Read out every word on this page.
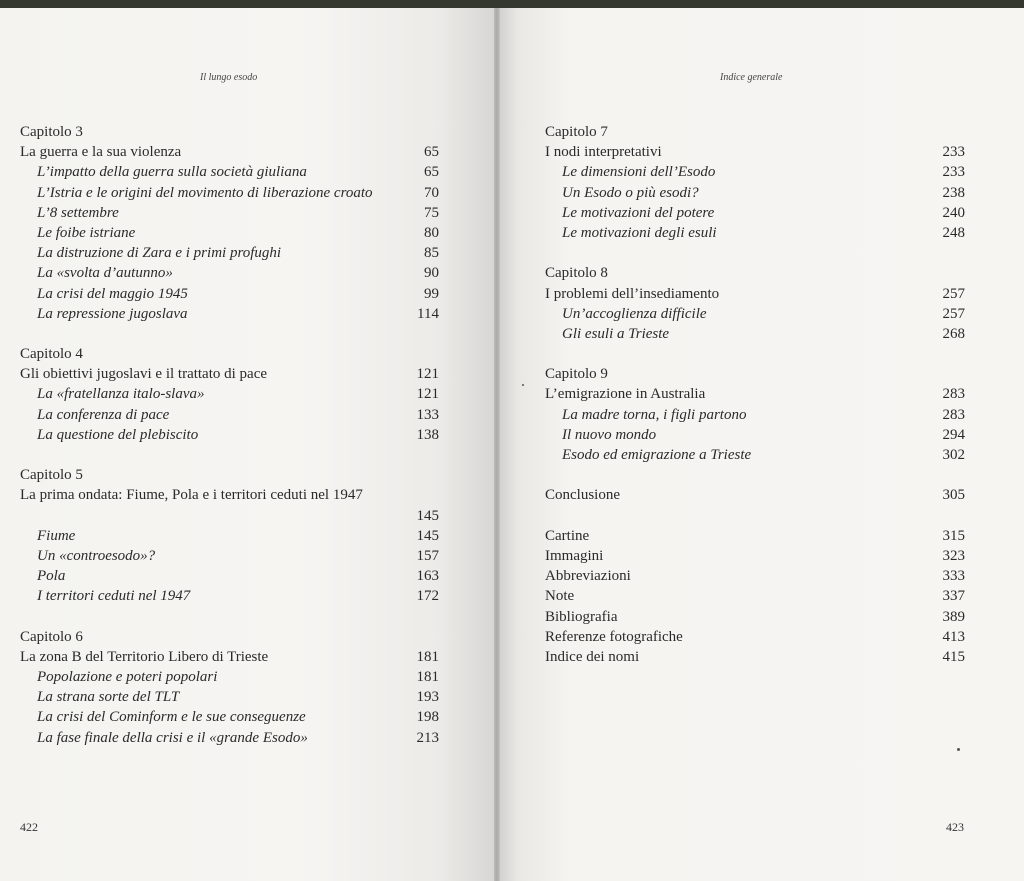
Il lungo esodo
Capitolo 3
La guerra e la sua violenza	65
L’impatto della guerra sulla società giuliana	65
L’Istria e le origini del movimento di liberazione croato	70
L’8 settembre	75
Le foibe istriane	80
La distruzione di Zara e i primi profughi	85
La «svolta d’autunno»	90
La crisi del maggio 1945	99
La repressione jugoslava	114
Capitolo 4
Gli obiettivi jugoslavi e il trattato di pace	121
La «fratellanza italo-slava»	121
La conferenza di pace	133
La questione del plebiscito	138
Capitolo 5
La prima ondata: Fiume, Pola e i territori ceduti nel 1947
145
Fiume	145
Un «controesodo»?	157
Pola	163
I territori ceduti nel 1947	172
Capitolo 6
La zona B del Territorio Libero di Trieste	181
Popolazione e poteri popolari	181
La strana sorte del TLT	193
La crisi del Cominform e le sue conseguenze	198
La fase finale della crisi e il «grande Esodo»	213
422
Indice generale
Capitolo 7
I nodi interpretativi	233
Le dimensioni dell’Esodo	233
Un Esodo o più esodi?	238
Le motivazioni del potere	240
Le motivazioni degli esuli	248
Capitolo 8
I problemi dell’insediamento	257
Un’accoglienza difficile	257
Gli esuli a Trieste	268
Capitolo 9
L’emigrazione in Australia	283
La madre torna, i figli partono	283
Il nuovo mondo	294
Esodo ed emigrazione a Trieste	302
Conclusione	305
Cartine	315
Immagini	323
Abbreviazioni	333
Note	337
Bibliografia	389
Referenze fotografiche	413
Indice dei nomi	415
423
